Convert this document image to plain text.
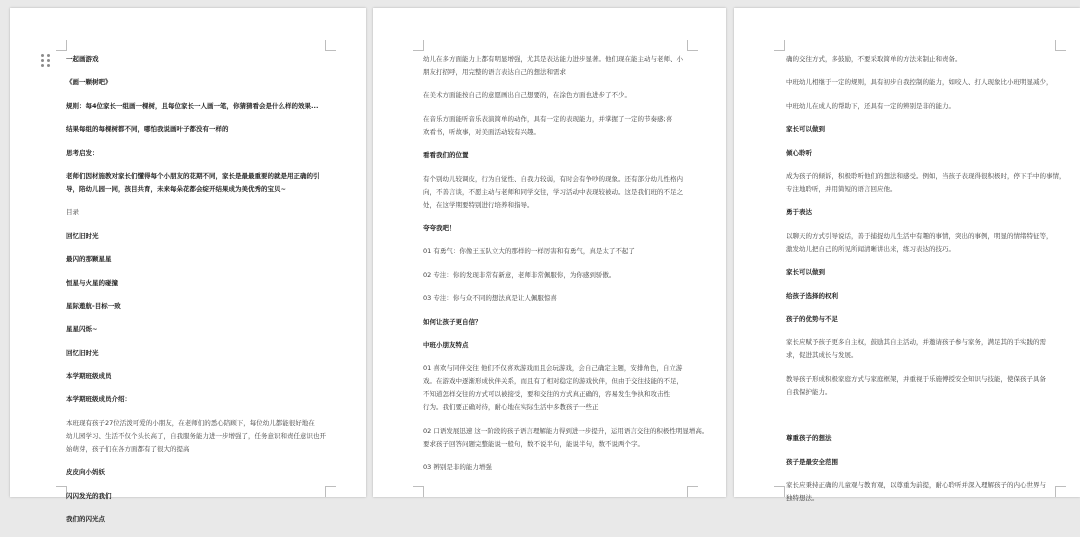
一起画游戏
《画一颗树吧》
规则：每4位家长一组画一棵树，且每位家长一人画一笔，你猜猜看会是什么样的效果...
结果每组的每棵树都不同，哪怕我说画叶子都没有一样的
思考启发：
老师们因材施教对家长们懂得每个小朋友的花期不同，家长是最最重要的就是用正确的引
导，陪幼儿园一同，孩目共育，未来每朵花都会绽开结果成为美优秀的宝贝~
目录
回忆旧时光
最闪的那颗星星
恒星与火星的碰撞
星际遨航-目标一致
星星闪烁~
回忆旧时光
本学期班级成员
本学期班级成员介绍：
本班现有孩子27位活泼可爱的小朋友，在老师们的悉心陪顾下，每位幼儿都能很好地在
幼儿园学习、生活不仅个头长高了，自我服务能力进一步增强了，任务意识和责任意识也开
始萌芽，孩子们在各方面都有了很大的提高
皮皮向小妈妖
闪闪发光的我们
我们的闪光点
幼儿在多方面能力上都有明显增强，尤其是表达能力进步显著。他们现在能主动与老师、小
朋友打招呼，用完整的语言表达自己的想法和需求
在美术方面能按自己的意愿画出自己想要的，在涂色方面也进步了不少。
在音乐方面能听音乐表演简单的动作，具有一定的表现能力，并掌握了一定的节奏感;喜
欢看书，听故事，对美面活动较有兴趣。
看看我们的位置
有个别幼儿较调皮，行为自觉性、自我力较弱，有时会有争吵的现象。还有部分幼儿性格内
向，不善言谈，不愿主动与老师和同学交往，学习活动中表现较被动。这是我们班的不足之
处，在这学期要特别进行培养和指导。
夸夸我吧！
01 有勇气：你像王玉队立大的那样的一样厉害和有勇气，真是太了不起了
02 专注：你的发现非常有新意，老师非常佩服你，为你感到骄傲。
03 专注：你与众不同的想法真是让人佩服惊喜
如何让孩子更自信？
中班小朋友特点
01 喜欢与同伴交往 他们不仅喜欢游戏而且会玩游戏，会自己确定主题，安排角色，自立游
戏。在游戏中逐渐形成伙伴关系，而且有了相对稳定的游戏伙伴，但由于交往技能的不足，
不知道怎样交往的方式可以被接受，要和交往的方式真正确的，容易发生争执和攻击性
行为。我们要正确对待，耐心地在实际生活中多教孩子一些正
02 口语发展迅速 这一阶段的孩子语言理解能力得到进一步提升，运用语言交往的积极性明显增高。
要求孩子回答问题完整能说一般句，数不说半句，能说半句，数不说两个字。
03 辨别是非的能力增强
确的交往方式，多鼓励，不要采取简单的方法来制止和责备。
中班幼儿相继于一定的规则，具有初步自我控制的能力，如咬人、打人现象比小班明显减少，
中班幼儿在成人的帮助下，还具有一定的辨别是非的能力。
家长可以做到
倾心聆听
成为孩子的倾诉，积极聆听他们的想法和感受。例如，当孩子表现得很积极时，停下手中的事情，
专注地聆听，并用简短的语言回应他。
勇于表达
以聊天的方式引导说话，善于捕捉幼儿生活中有趣的事情，突出的事例，明显的情绪特征等，
激发幼儿把自己的所见所闻清晰讲出来，练习表达的技巧。
家长可以做到
给孩子选择的权利
孩子的优势与不足
家长应赋予孩子更多自主权，鼓励其自主活动，并邀请孩子参与家务，满足其的手实践的需
求，促进其成长与发展。
教导孩子形成积极家庭方式与家庭框架，并重视于乐施傅授安全知识与技能，使保孩子具备
自我保护能力。
尊重孩子的想法
孩子是最安全范围
家长应秉持正确的儿童观与教育观，以尊重为前提，耐心聆听并深入理解孩子的内心世界与
独特想法。
